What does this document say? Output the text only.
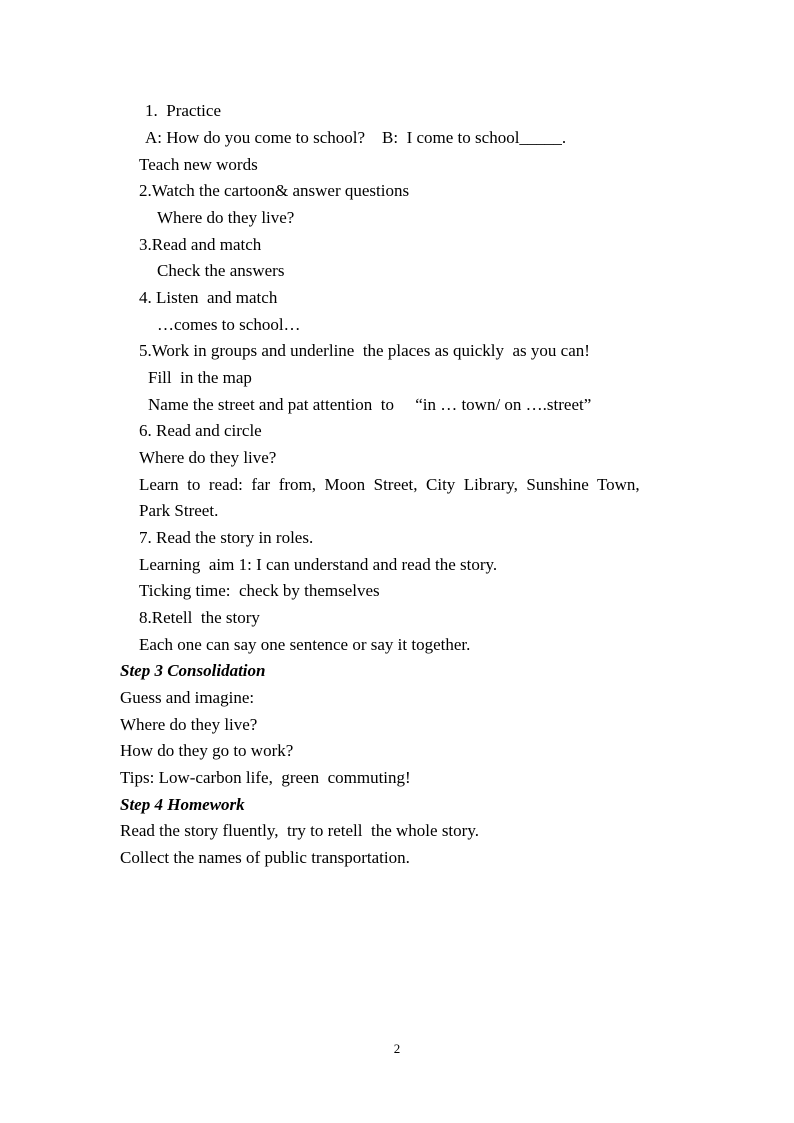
1.  Practice
A: How do you come to school?    B:  I come to school_____.
Teach new words
2.Watch the cartoon& answer questions
Where do they live?
3.Read and match
Check the answers
4. Listen  and match
…comes to school…
5.Work in groups and underline  the places as quickly  as you can!
Fill  in the map
Name the street and pat attention  to     “in … town/ on ….street”
6. Read and circle
Where do they live?
Learn  to  read:  far  from,  Moon  Street,  City  Library,  Sunshine  Town,
Park Street.
7. Read the story in roles.
Learning  aim 1: I can understand and read the story.
Ticking time:  check by themselves
8.Retell  the story
Each one can say one sentence or say it together.
Step 3 Consolidation
Guess and imagine:
Where do they live?
How do they go to work?
Tips: Low-carbon life,  green  commuting!
Step 4 Homework
Read the story fluently,  try to retell  the whole story.
Collect the names of public transportation.
2
